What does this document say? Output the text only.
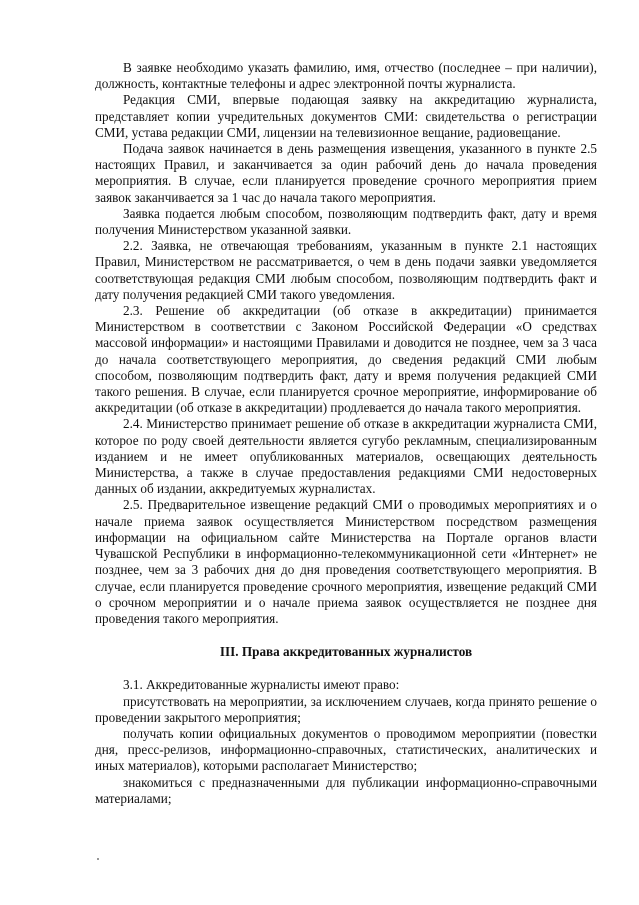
В заявке необходимо указать фамилию, имя, отчество (последнее – при наличии), должность, контактные телефоны и адрес электронной почты журналиста.

Редакция СМИ, впервые подающая заявку на аккредитацию журналиста, представляет копии учредительных документов СМИ: свидетельства о регистрации СМИ, устава редакции СМИ, лицензии на телевизионное вещание, радиовещание.

Подача заявок начинается в день размещения извещения, указанного в пункте 2.5 настоящих Правил, и заканчивается за один рабочий день до начала проведения мероприятия. В случае, если планируется проведение срочного мероприятия прием заявок заканчивается за 1 час до начала такого мероприятия.

Заявка подается любым способом, позволяющим подтвердить факт, дату и время получения Министерством указанной заявки.

2.2. Заявка, не отвечающая требованиям, указанным в пункте 2.1 настоящих Правил, Министерством не рассматривается, о чем в день подачи заявки уведомляется соответствующая редакция СМИ любым способом, позволяющим подтвердить факт и дату получения редакцией СМИ такого уведомления.

2.3. Решение об аккредитации (об отказе в аккредитации) принимается Министерством в соответствии с Законом Российской Федерации «О средствах массовой информации» и настоящими Правилами и доводится не позднее, чем за 3 часа до начала соответствующего мероприятия, до сведения редакций СМИ любым способом, позволяющим подтвердить факт, дату и время получения редакцией СМИ такого решения. В случае, если планируется срочное мероприятие, информирование об аккредитации (об отказе в аккредитации) продлевается до начала такого мероприятия.

2.4. Министерство принимает решение об отказе в аккредитации журналиста СМИ, которое по роду своей деятельности является сугубо рекламным, специализированным изданием и не имеет опубликованных материалов, освещающих деятельность Министерства, а также в случае предоставления редакциями СМИ недостоверных данных об издании, аккредитуемых журналистах.

2.5. Предварительное извещение редакций СМИ о проводимых мероприятиях и о начале приема заявок осуществляется Министерством посредством размещения информации на официальном сайте Министерства на Портале органов власти Чувашской Республики в информационно-телекоммуникационной сети «Интернет» не позднее, чем за 3 рабочих дня до дня проведения соответствующего мероприятия. В случае, если планируется проведение срочного мероприятия, извещение редакций СМИ о срочном мероприятии и о начале приема заявок осуществляется не позднее дня проведения такого мероприятия.

III. Права аккредитованных журналистов

3.1. Аккредитованные журналисты имеют право:

присутствовать на мероприятии, за исключением случаев, когда принято решение о проведении закрытого мероприятия;

получать копии официальных документов о проводимом мероприятии (повестки дня, пресс-релизов, информационно-справочных, статистических, аналитических и иных материалов), которыми располагает Министерство;

знакомиться с предназначенными для публикации информационно-справочными материалами;
